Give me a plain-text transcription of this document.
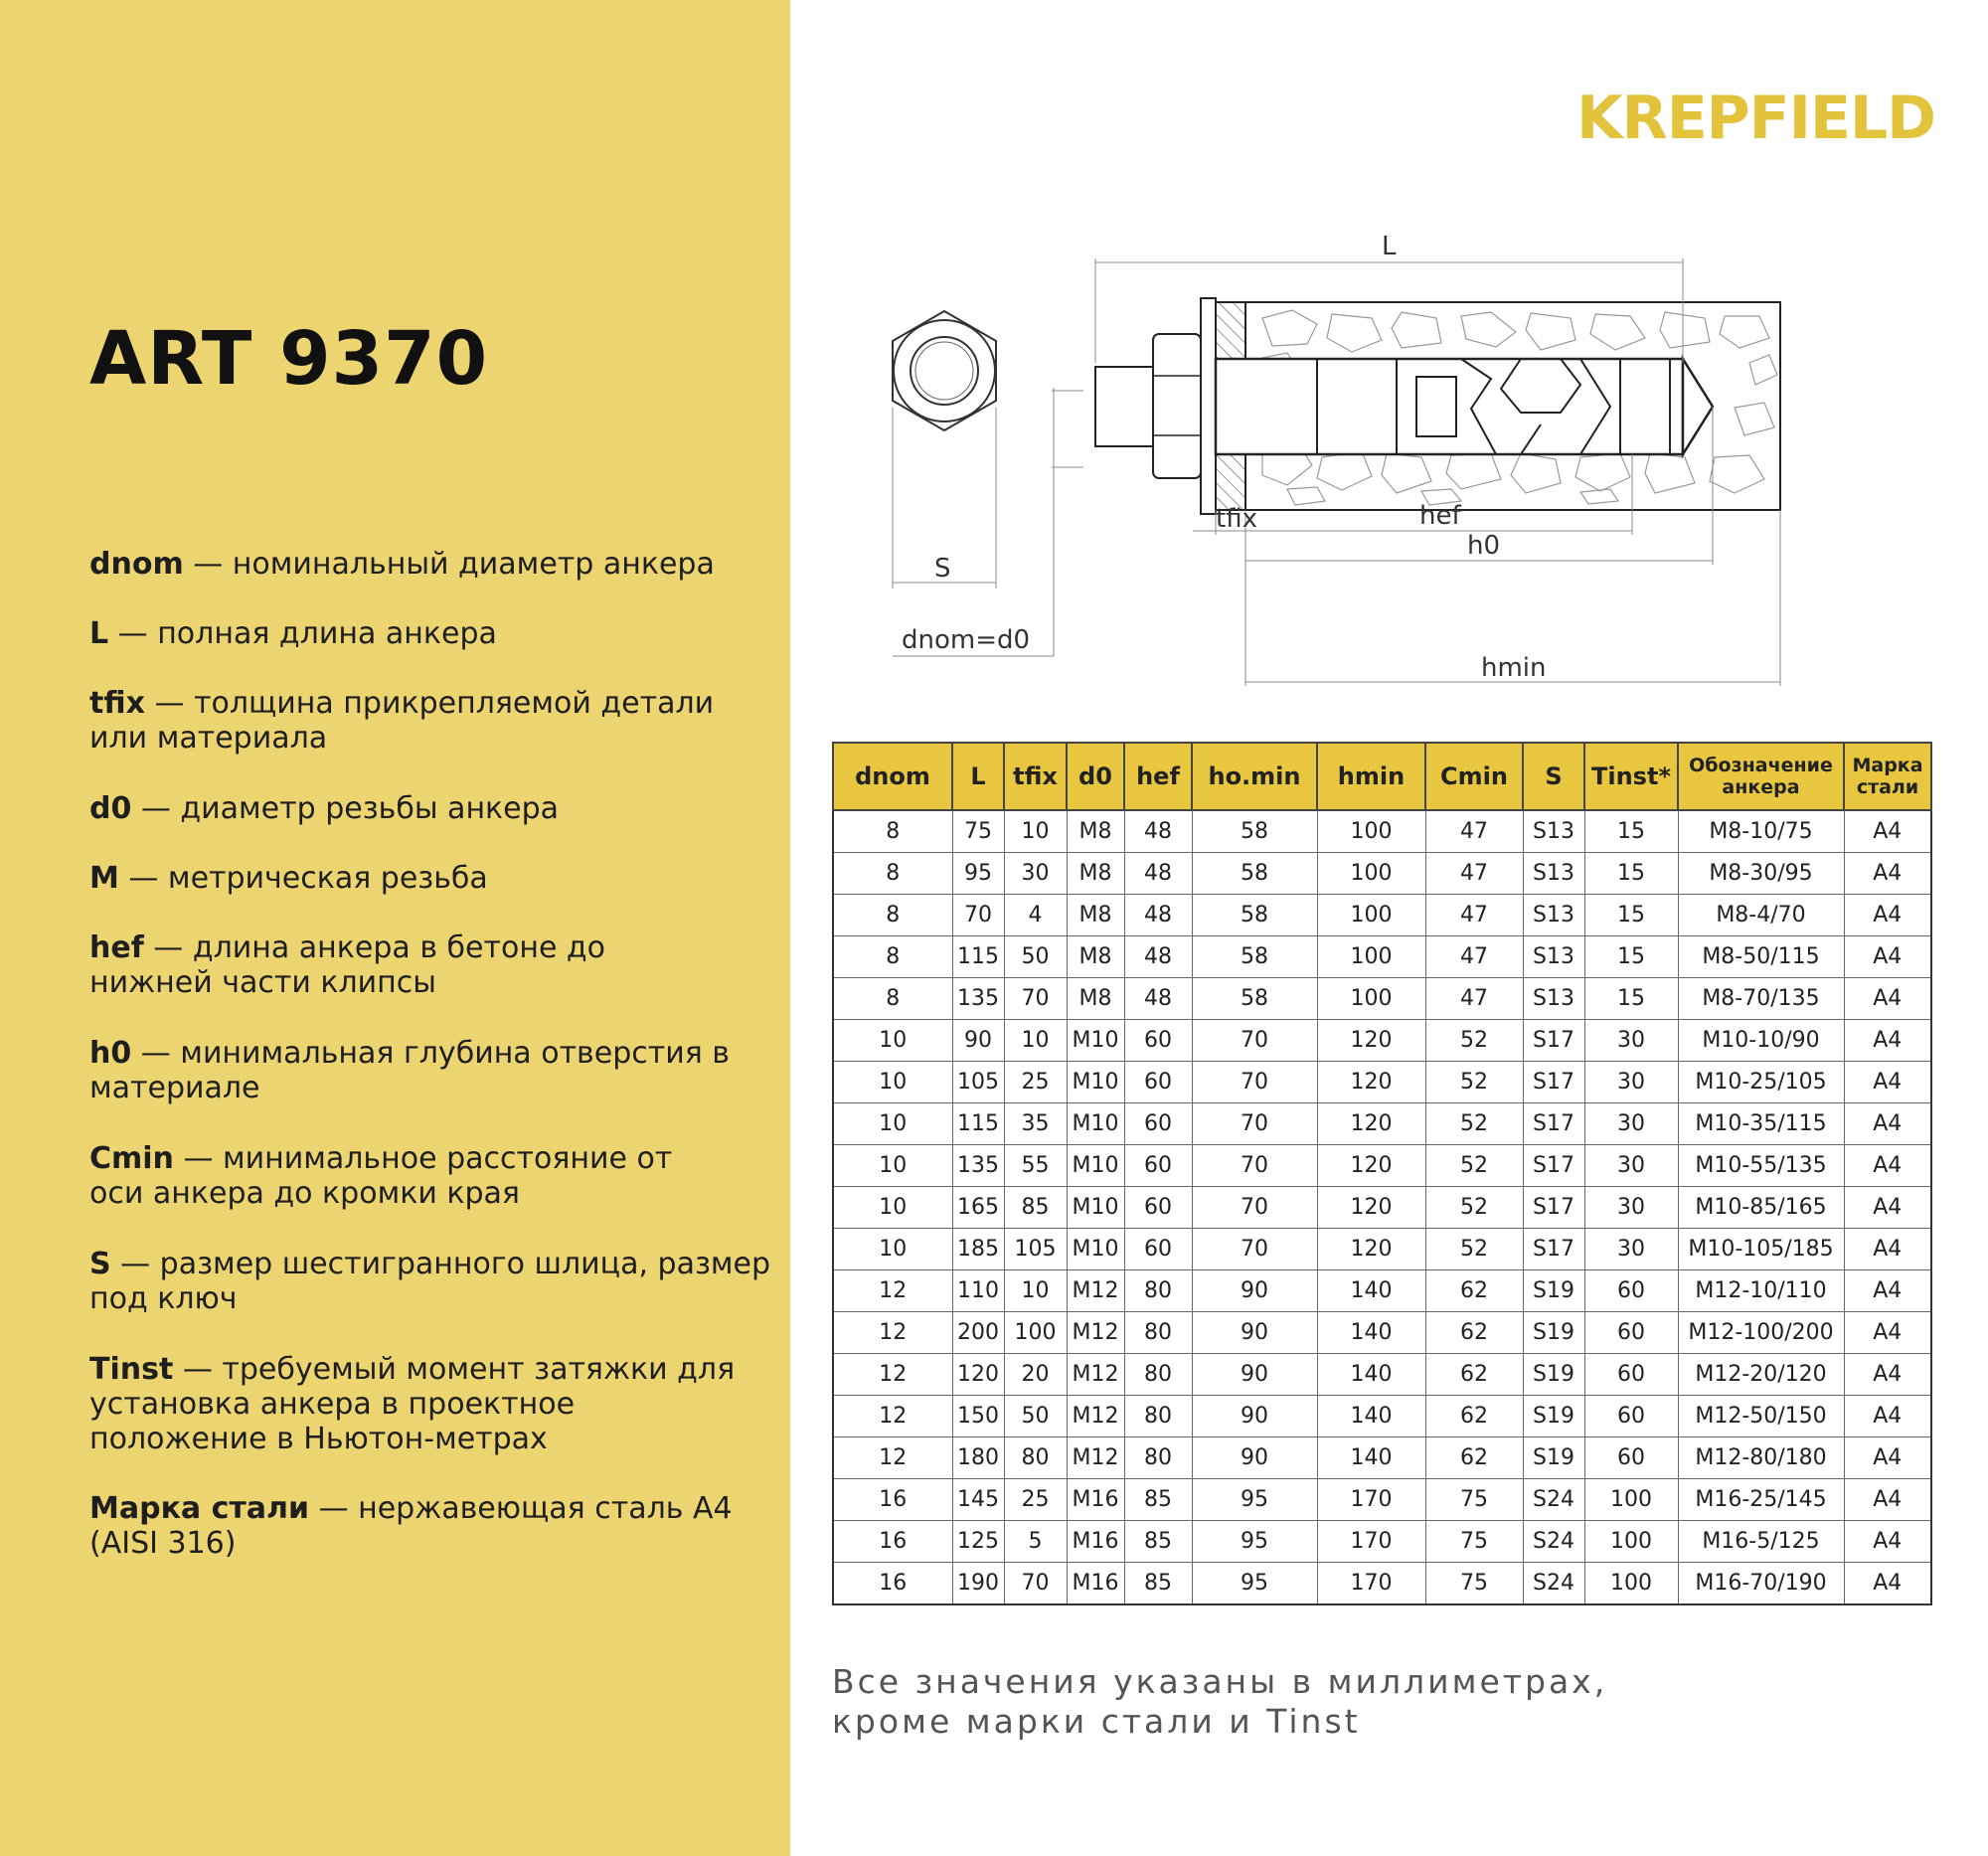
ART 9370
dnom — номинальный диаметр анкера
L — полная длина анкера
tfix — толщина прикрепляемой детали или материала
d0 — диаметр резьбы анкера
M — метрическая резьба
hef — длина анкера в бетоне до нижней части клипсы
h0 — минимальная глубина отверстия в материале
Cmin — минимальное расстояние от оси анкера до кромки края
S — размер шестигранного шлица, размер под ключ
Tinst — требуемый момент затяжки для установка анкера в проектное положение в Ньютон-метрах
Марка стали — нержавеющая сталь A4 (AISI 316)
KREPFIELD
S
dnom=d0
L
tfix	hef
h0
hmin
dnom	L	tfix	d0	hef	ho.min	hmin	Cmin	S	Tinst*	Обозначение анкера	Марка стали
8	75	10	M8	48	58	100	47	S13	15	M8-10/75	A4
8	95	30	M8	48	58	100	47	S13	15	M8-30/95	A4
8	70	4	M8	48	58	100	47	S13	15	M8-4/70	A4
8	115	50	M8	48	58	100	47	S13	15	M8-50/115	A4
8	135	70	M8	48	58	100	47	S13	15	M8-70/135	A4
10	90	10	M10	60	70	120	52	S17	30	M10-10/90	A4
10	105	25	M10	60	70	120	52	S17	30	M10-25/105	A4
10	115	35	M10	60	70	120	52	S17	30	M10-35/115	A4
10	135	55	M10	60	70	120	52	S17	30	M10-55/135	A4
10	165	85	M10	60	70	120	52	S17	30	M10-85/165	A4
10	185	105	M10	60	70	120	52	S17	30	M10-105/185	A4
12	110	10	M12	80	90	140	62	S19	60	M12-10/110	A4
12	200	100	M12	80	90	140	62	S19	60	M12-100/200	A4
12	120	20	M12	80	90	140	62	S19	60	M12-20/120	A4
12	150	50	M12	80	90	140	62	S19	60	M12-50/150	A4
12	180	80	M12	80	90	140	62	S19	60	M12-80/180	A4
16	145	25	M16	85	95	170	75	S24	100	M16-25/145	A4
16	125	5	M16	85	95	170	75	S24	100	M16-5/125	A4
16	190	70	M16	85	95	170	75	S24	100	M16-70/190	A4
Все значения указаны в миллиметрах,
кроме марки стали и Tinst
